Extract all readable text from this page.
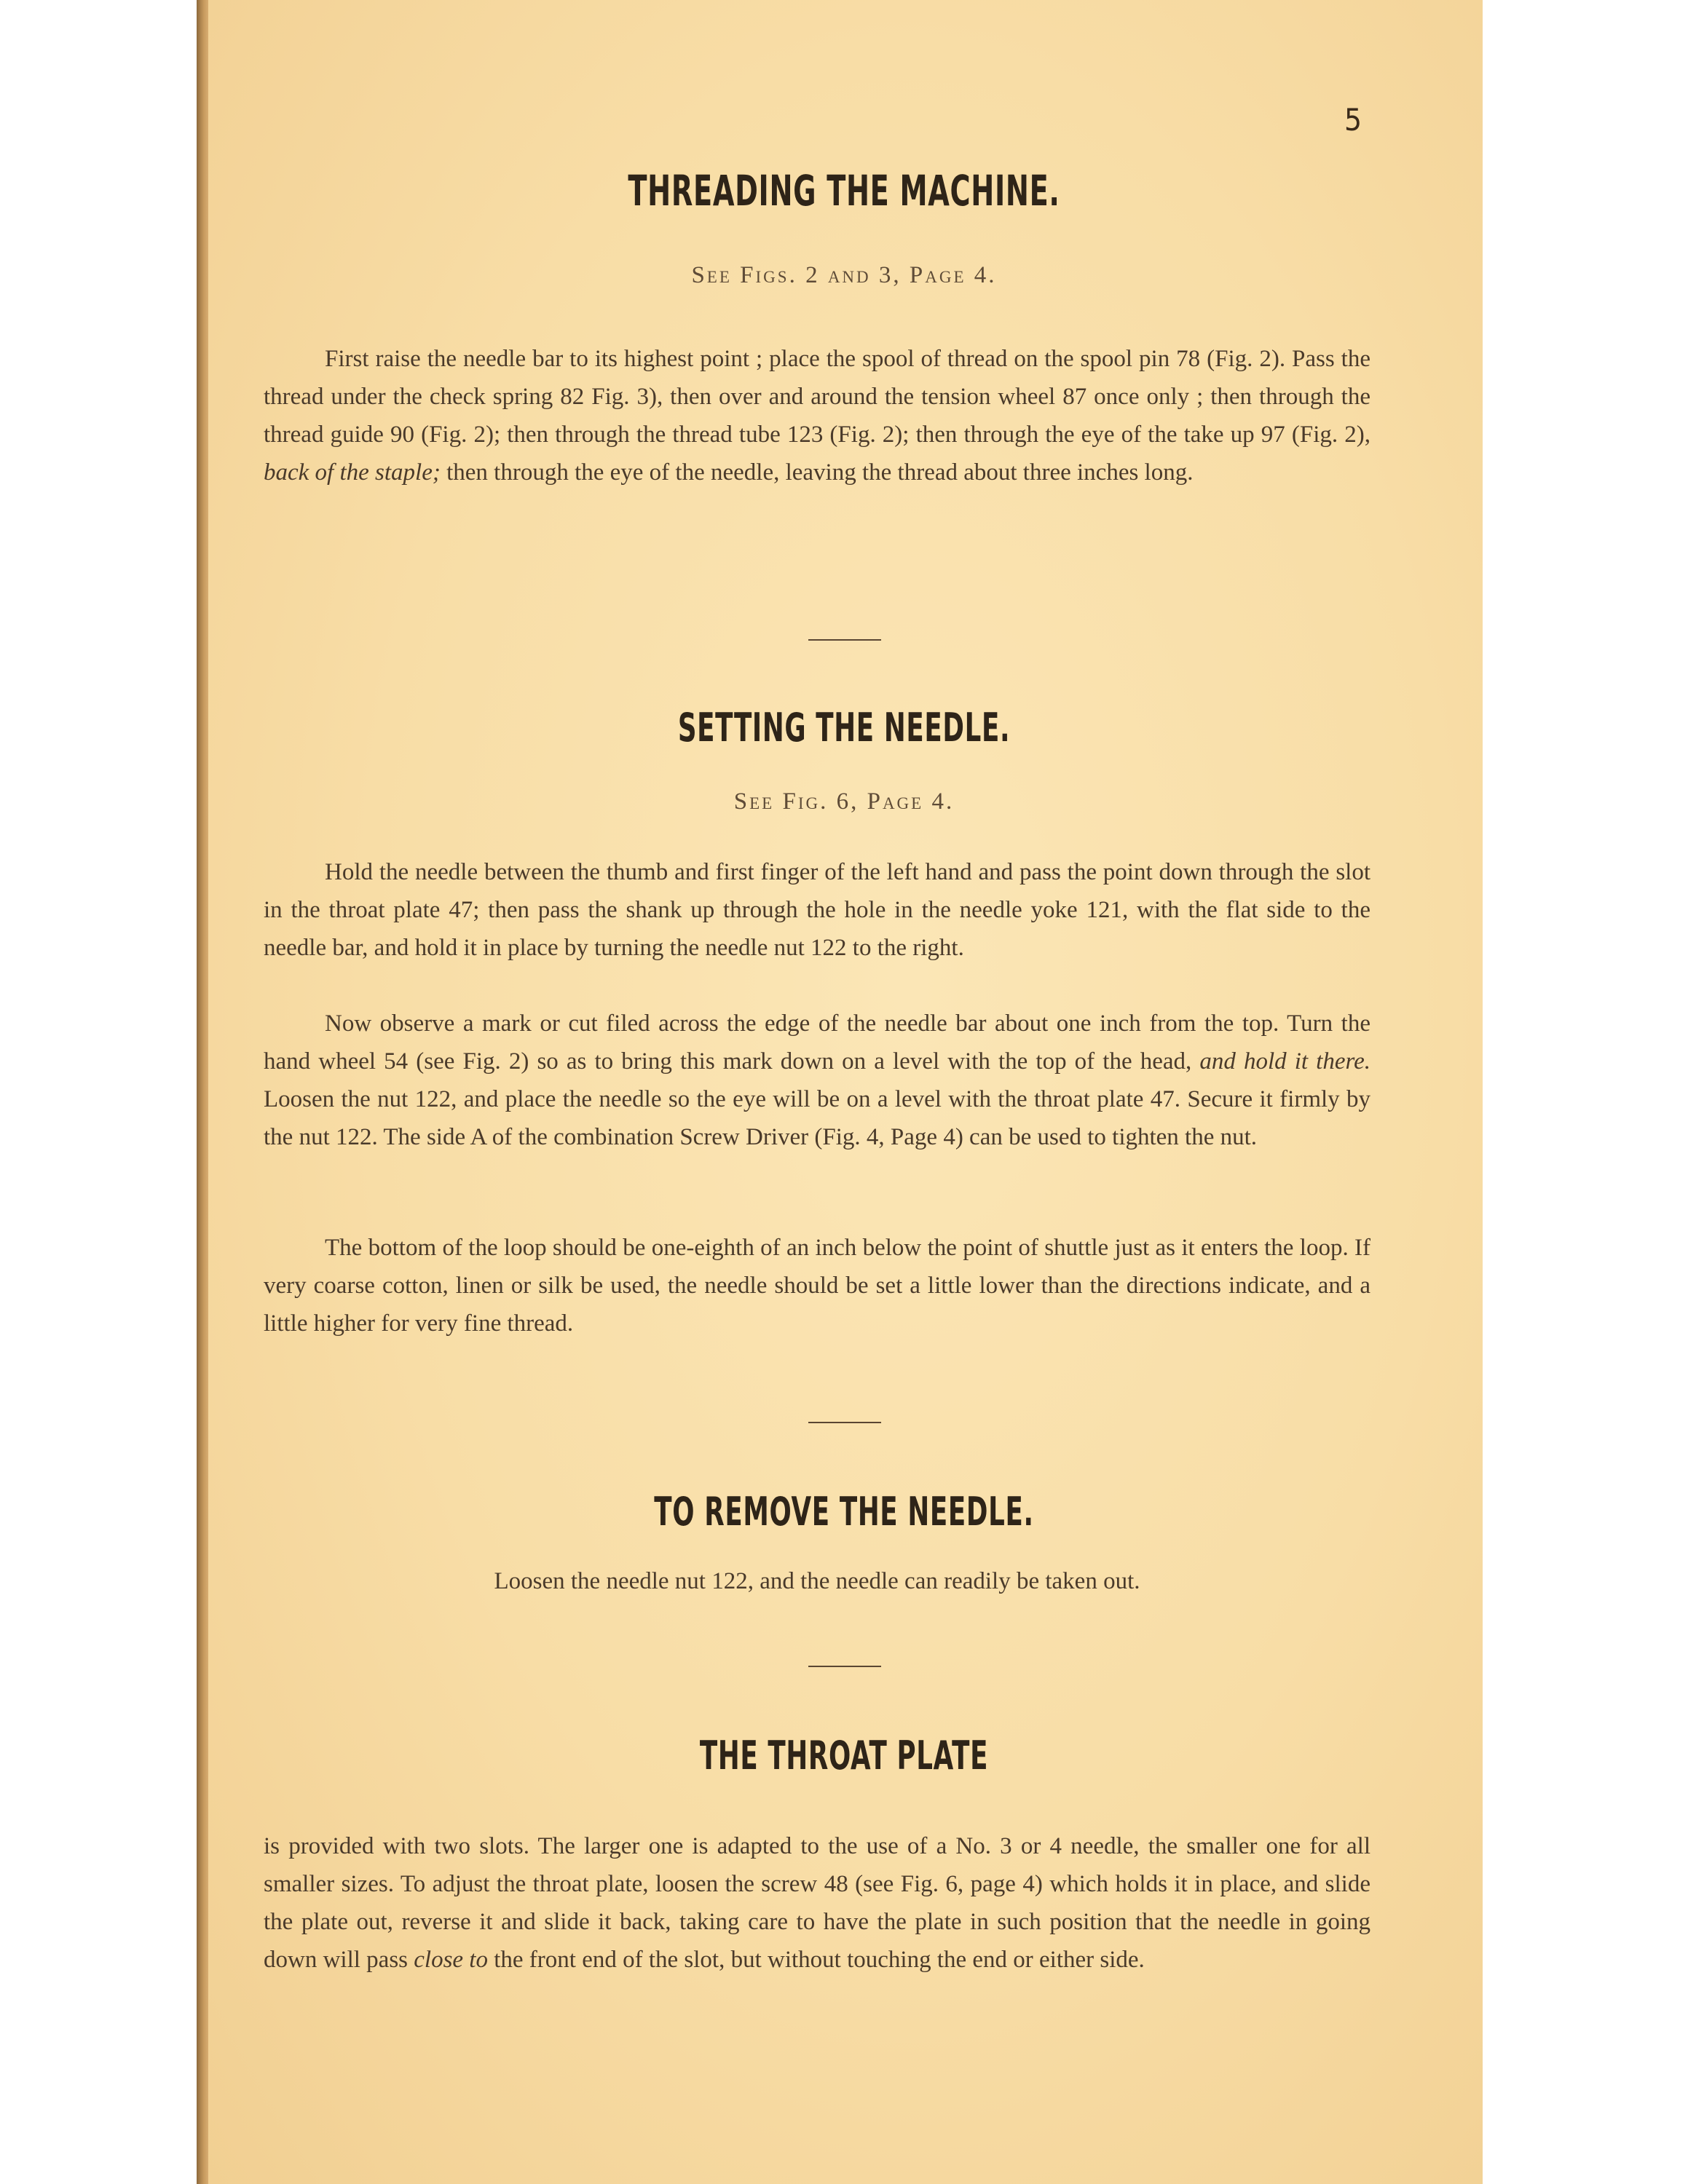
5
THREADING THE MACHINE.
See Figs. 2 and 3, Page 4.

First raise the needle bar to its highest point ; place the spool of thread on the spool pin 78 (Fig. 2). Pass the thread under the check spring 82 Fig. 3), then over and around the tension wheel 87 once only ; then through the thread guide 90 (Fig. 2); then through the thread tube 123 (Fig. 2); then through the eye of the take up 97 (Fig. 2), back of the staple; then through the eye of the needle, leaving the thread about three inches long.

SETTING THE NEEDLE.
See Fig. 6, Page 4.

Hold the needle between the thumb and first finger of the left hand and pass the point down through the slot in the throat plate 47; then pass the shank up through the hole in the needle yoke 121, with the flat side to the needle bar, and hold it in place by turning the needle nut 122 to the right.

Now observe a mark or cut filed across the edge of the needle bar about one inch from the top. Turn the hand wheel 54 (see Fig. 2) so as to bring this mark down on a level with the top of the head, and hold it there. Loosen the nut 122, and place the needle so the eye will be on a level with the throat plate 47. Secure it firmly by the nut 122. The side A of the combination Screw Driver (Fig. 4, Page 4) can be used to tighten the nut.

The bottom of the loop should be one-eighth of an inch below the point of shuttle just as it enters the loop. If very coarse cotton, linen or silk be used, the needle should be set a little lower than the directions indicate, and a little higher for very fine thread.

TO REMOVE THE NEEDLE.

Loosen the needle nut 122, and the needle can readily be taken out.

THE THROAT PLATE

is provided with two slots. The larger one is adapted to the use of a No. 3 or 4 needle, the smaller one for all smaller sizes. To adjust the throat plate, loosen the screw 48 (see Fig. 6, page 4) which holds it in place, and slide the plate out, reverse it and slide it back, taking care to have the plate in such position that the needle in going down will pass close to the front end of the slot, but without touching the end or either side.
